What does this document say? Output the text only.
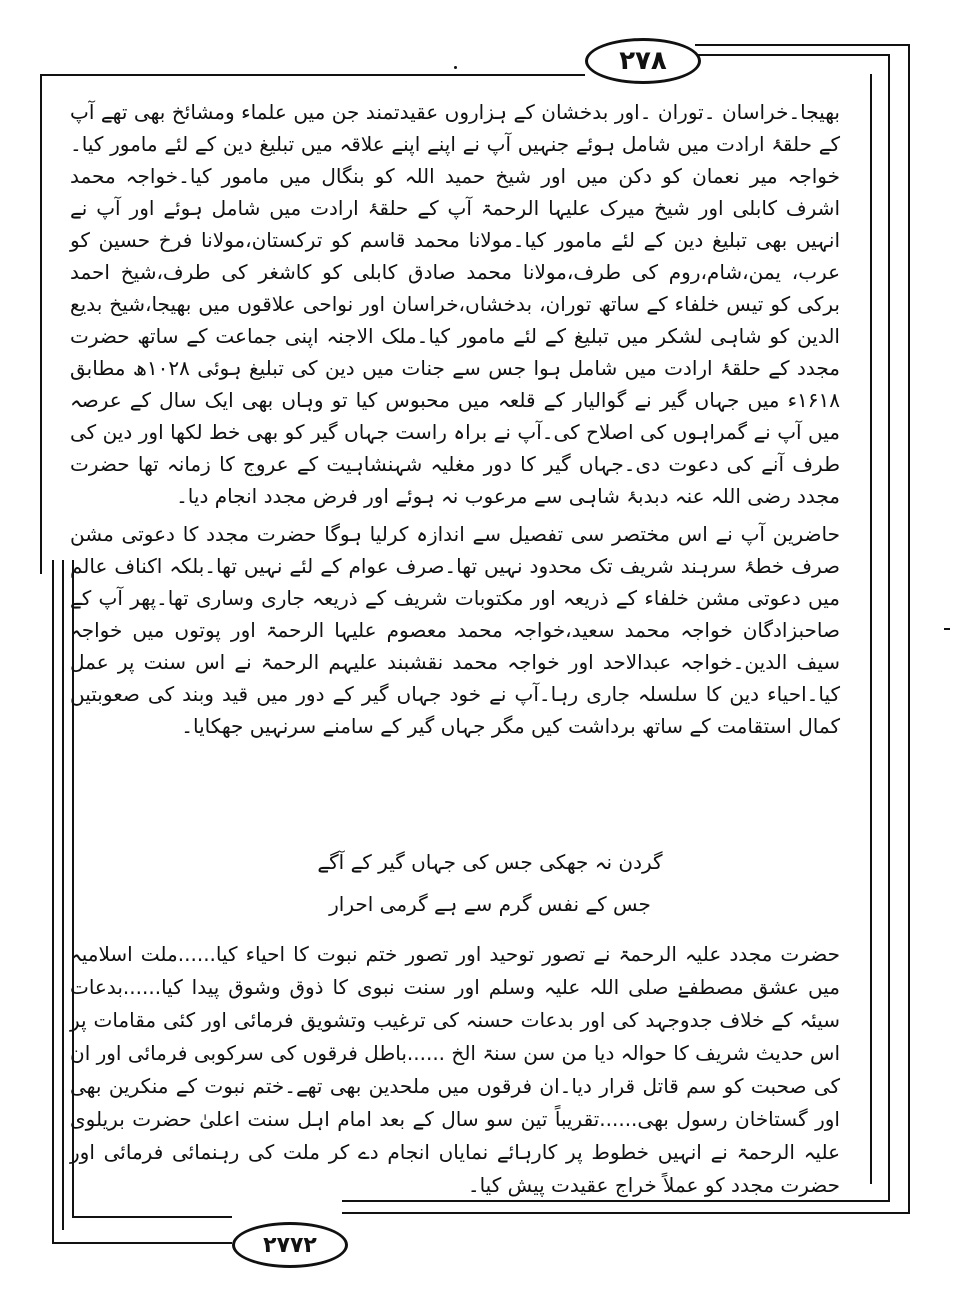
۲۷۸

بھیجا۔خراسان ۔توران ۔اور بدخشان کے ہزاروں عقیدتمند جن میں علماء ومشائخ بھی تھے آپ کے حلقۂ ارادت میں شامل ہوئے جنہیں آپ نے اپنے اپنے علاقہ میں تبلیغ دین کے لئے مامور کیا۔خواجہ میر نعمان کو دکن میں اور شیخ حمید اللہ کو بنگال میں مامور کیا۔خواجہ محمد اشرف کابلی اور شیخ میرک علیہا الرحمۃ آپ کے حلقۂ ارادت میں شامل ہوئے اور آپ نے انہیں بھی تبلیغ دین کے لئے مامور کیا۔مولانا محمد قاسم کو ترکستان،مولانا فرخ حسین کو عرب، یمن،شام،روم کی طرف،مولانا محمد صادق کابلی کو کاشغر کی طرف،شیخ احمد برکی کو تیس خلفاء کے ساتھ توران، بدخشاں،خراسان اور نواحی علاقوں میں بھیجا،شیخ بدیع الدین کو شاہی لشکر میں تبلیغ کے لئے مامور کیا۔ملک الاجنہ اپنی جماعت کے ساتھ حضرت مجدد کے حلقۂ ارادت میں شامل ہوا جس سے جنات میں دین کی تبلیغ ہوئی ۱۰۲۸ھ مطابق ۱۶۱۸ء میں جہاں گیر نے گوالیار کے قلعہ میں محبوس کیا تو وہاں بھی ایک سال کے عرصہ میں آپ نے گمراہوں کی اصلاح کی۔آپ نے براہ راست جہاں گیر کو بھی خط لکھا اور دین کی طرف آنے کی دعوت دی۔جہاں گیر کا دور مغلیہ شہنشاہیت کے عروج کا زمانہ تھا حضرت مجدد رضی اللہ عنہ دبدبۂ شاہی سے مرعوب نہ ہوئے اور فرض مجدد انجام دیا۔

حاضرین آپ نے اس مختصر سی تفصیل سے اندازہ کرلیا ہوگا حضرت مجدد کا دعوتی مشن صرف خطۂ سرہند شریف تک محدود نہیں تھا۔صرف عوام کے لئے نہیں تھا۔بلکہ اکناف عالم میں دعوتی مشن خلفاء کے ذریعہ اور مکتوبات شریف کے ذریعہ جاری وساری تھا۔پھر آپ کے صاحبزادگان خواجہ محمد سعید،خواجہ محمد معصوم علیہا الرحمۃ اور پوتوں میں خواجہ سیف الدین۔خواجہ عبدالاحد اور خواجہ محمد نقشبند علیہم الرحمۃ نے اس سنت پر عمل کیا۔احیاء دین کا سلسلہ جاری رہا۔آپ نے خود جہاں گیر کے دور میں قید وبند کی صعوبتیں کمال استقامت کے ساتھ برداشت کیں مگر جہاں گیر کے سامنے سرنہیں جھکایا۔

گردن نہ جھکی جس کی جہاں گیر کے آگے
جس کے نفس گرم سے ہے گرمی احرار
حضرت مجدد علیہ الرحمۃ نے تصور توحید اور تصور ختم نبوت کا احیاء کیا......ملت اسلامیہ میں عشق مصطفےٰ صلی اللہ علیہ وسلم اور سنت نبوی کا ذوق وشوق پیدا کیا......بدعات سیئہ کے خلاف جدوجہد کی اور بدعات حسنہ کی ترغیب وتشویق فرمائی اور کئی مقامات پر اس حدیث شریف کا حوالہ دیا من سن سنۃ الخ ......باطل فرقوں کی سرکوبی فرمائی اور ان کی صحبت کو سم قاتل قرار دیا۔ان فرقوں میں ملحدین بھی تھے۔ختم نبوت کے منکرین بھی اور گستاخان رسول بھی......تقریباً تین سو سال کے بعد امام اہل سنت اعلیٰ حضرت بریلوی علیہ الرحمۃ نے انہیں خطوط پر کارہائے نمایاں انجام دے کر ملت کی رہنمائی فرمائی اور حضرت مجدد کو عملاً خراج عقیدت پیش کیا۔
۲۷۷۲
